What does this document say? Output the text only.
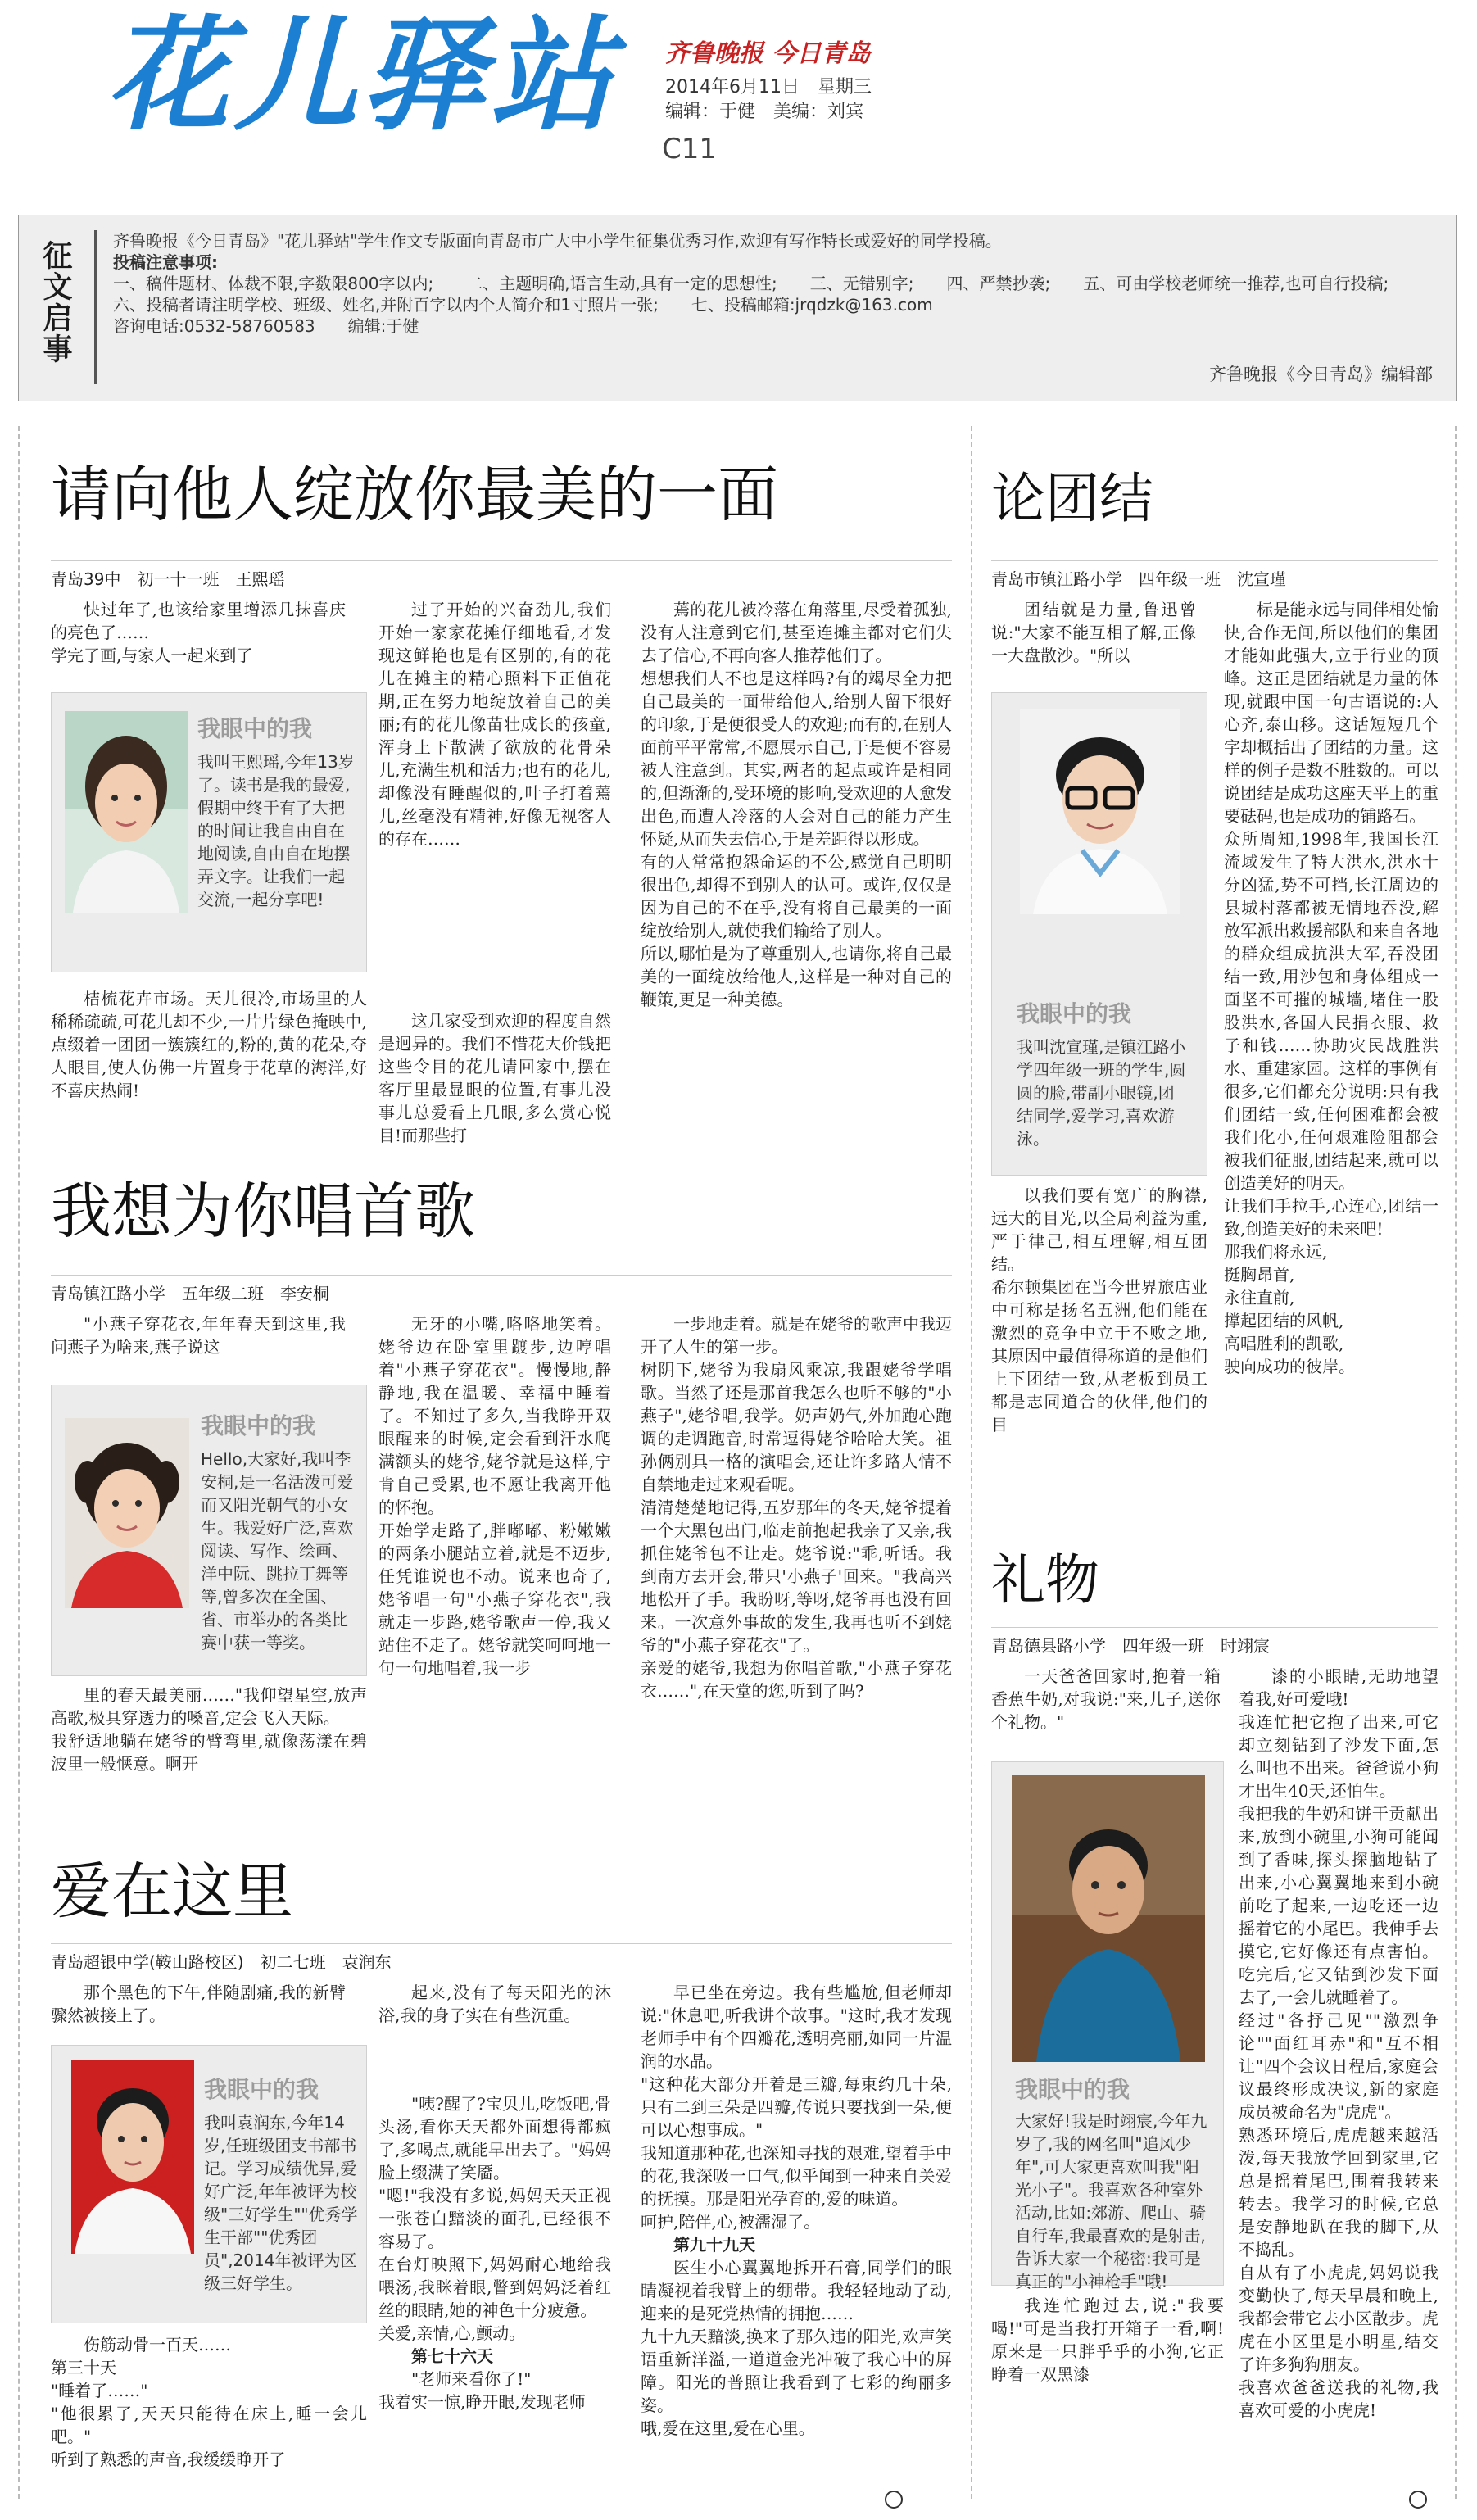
花儿驿站 齐鲁晚报 今日青岛
2014年6月11日　星期三
编辑：于健　美编：刘宾
C11
征文启事	齐鲁晚报《今日青岛》"花儿驿站"学生作文专版面向青岛市广大中小学生征集优秀习作,欢迎有写作特长或爱好的同学投稿。

投稿注意事项:

一、稿件题材、体裁不限,字数限800字以内;　　二、主题明确,语言生动,具有一定的思想性;　　三、无错别字;　　四、严禁抄袭;　　五、可由学校老师统一推荐,也可自行投稿;

六、投稿者请注明学校、班级、姓名,并附百字以内个人简介和1寸照片一张;　　七、投稿邮箱:jrqdzk@163.com

咨询电话:0532-58760583　　编辑:于健

齐鲁晚报《今日青岛》编辑部
请向他人绽放你最美的一面
青岛39中　初一十一班　王熙瑶

快过年了,也该给家里增添几抹喜庆的亮色了……
学完了画,与家人一起来到了

我眼中的我
我叫王熙瑶,今年13岁了。读书是我的最爱,假期中终于有了大把的时间让我自由自在地阅读,自由自在地摆弄文字。让我们一起交流,一起分享吧!

桔梳花卉市场。天儿很冷,市场里的人稀稀疏疏,可花儿却不少,一片片绿色掩映中,点缀着一团团一簇簇红的,粉的,黄的花朵,夺人眼目,使人仿佛一片置身于花草的海洋,好不喜庆热闹!

过了开始的兴奋劲儿,我们开始一家家花摊仔细地看,才发现这鲜艳也是有区别的,有的花儿在摊主的精心照料下正值花期,正在努力地绽放着自己的美丽;有的花儿像苗壮成长的孩童,浑身上下散满了欲放的花骨朵儿,充满生机和活力;也有的花儿,却像没有睡醒似的,叶子打着蔫儿,丝毫没有精神,好像无视客人的存在……

这几家受到欢迎的程度自然是迥异的。我们不惜花大价钱把这些令目的花儿请回家中,摆在客厅里最显眼的位置,有事儿没事儿总爱看上几眼,多么赏心悦目!而那些打

蔫的花儿被冷落在角落里,尽受着孤独,没有人注意到它们,甚至连摊主都对它们失去了信心,不再向客人推荐他们了。
想想我们人不也是这样吗?有的竭尽全力把自己最美的一面带给他人,给别人留下很好的印象,于是便很受人的欢迎;而有的,在别人面前平平常常,不愿展示自己,于是便不容易被人注意到。其实,两者的起点或许是相同的,但渐渐的,受环境的影响,受欢迎的人愈发出色,而遭人冷落的人会对自己的能力产生怀疑,从而失去信心,于是差距得以形成。
有的人常常抱怨命运的不公,感觉自己明明很出色,却得不到别人的认可。或许,仅仅是因为自己的不在乎,没有将自己最美的一面绽放给别人,就使我们输给了别人。
所以,哪怕是为了尊重别人,也请你,将自己最美的一面绽放给他人,这样是一种对自己的鞭策,更是一种美德。

我想为你唱首歌
青岛镇江路小学　五年级二班　李安桐

"小燕子穿花衣,年年春天到这里,我问燕子为啥来,燕子说这

我眼中的我
Hello,大家好,我叫李安桐,是一名活泼可爱而又阳光朝气的小女生。我爱好广泛,喜欢阅读、写作、绘画、洋中阮、跳拉丁舞等等,曾多次在全国、省、市举办的各类比赛中获一等奖。

里的春天最美丽……"我仰望星空,放声高歌,极具穿透力的嗓音,定会飞入天际。
我舒适地躺在姥爷的臂弯里,就像荡漾在碧波里一般惬意。啊开

无牙的小嘴,咯咯地笑着。姥爷边在卧室里踱步,边哼唱着"小燕子穿花衣"。慢慢地,静静地,我在温暖、幸福中睡着了。不知过了多久,当我睁开双眼醒来的时候,定会看到汗水爬满额头的姥爷,姥爷就是这样,宁肯自己受累,也不愿让我离开他的怀抱。
开始学走路了,胖嘟嘟、粉嫩嫩的两条小腿站立着,就是不迈步,任凭谁说也不动。说来也奇了,姥爷唱一句"小燕子穿花衣",我就走一步路,姥爷歌声一停,我又站住不走了。姥爷就笑呵呵地一句一句地唱着,我一步

一步地走着。就是在姥爷的歌声中我迈开了人生的第一步。
树阴下,姥爷为我扇风乘凉,我跟姥爷学唱歌。当然了还是那首我怎么也听不够的"小燕子",姥爷唱,我学。奶声奶气,外加跑心跑调的走调跑音,时常逗得姥爷哈哈大笑。祖孙俩别具一格的演唱会,还让许多路人情不自禁地走过来观看呢。
清清楚楚地记得,五岁那年的冬天,姥爷提着一个大黑包出门,临走前抱起我亲了又亲,我抓住姥爷包不让走。姥爷说:"乖,听话。我到南方去开会,带只'小燕子'回来。"我高兴地松开了手。我盼呀,等呀,姥爷再也没有回来。一次意外事故的发生,我再也听不到姥爷的"小燕子穿花衣"了。
亲爱的姥爷,我想为你唱首歌,"小燕子穿花衣……",在天堂的您,听到了吗?

爱在这里
青岛超银中学(鞍山路校区)　初二七班　袁润东

那个黑色的下午,伴随剧痛,我的新臂骤然被接上了。

我眼中的我
我叫袁润东,今年14岁,任班级团支书部书记。学习成绩优异,爱好广泛,年年被评为校级"三好学生""优秀学生干部""优秀团员",2014年被评为区级三好学生。

伤筋动骨一百天……
第三十天
"睡着了……"
"他很累了,天天只能待在床上,睡一会儿吧。"
听到了熟悉的声音,我缓缓睁开了

起来,没有了每天阳光的沐浴,我的身子实在有些沉重。

"咦?醒了?宝贝儿,吃饭吧,骨头汤,看你天天都外面想得都疯了,多喝点,就能早出去了。"妈妈脸上缀满了笑靥。
"嗯!"我没有多说,妈妈天天正视一张苍白黯淡的面孔,已经很不容易了。
在台灯映照下,妈妈耐心地给我喂汤,我眯着眼,瞥到妈妈泛着红丝的眼睛,她的神色十分疲惫。
关爱,亲情,心,颤动。

第七十六天

"老师来看你了!"
我着实一惊,睁开眼,发现老师

早已坐在旁边。我有些尴尬,但老师却说:"休息吧,听我讲个故事。"这时,我才发现老师手中有个四瓣花,透明亮丽,如同一片温润的水晶。
"这种花大部分开着是三瓣,每束约几十朵,只有二到三朵是四瓣,传说只要找到一朵,便可以心想事成。"
我知道那种花,也深知寻找的艰难,望着手中的花,我深吸一口气,似乎闻到一种来自关爱的抚摸。那是阳光孕育的,爱的味道。
呵护,陪伴,心,被濡湿了。

第九十九天

医生小心翼翼地拆开石膏,同学们的眼睛凝视着我臂上的绷带。我轻轻地动了动,迎来的是死党热情的拥抱……
九十九天黯淡,换来了那久违的阳光,欢声笑语重新洋溢,一道道金光冲破了我心中的屏障。阳光的普照让我看到了七彩的绚丽多姿。
哦,爱在这里,爱在心里。

论团结
青岛市镇江路小学　四年级一班　沈宣瑾

团结就是力量,鲁迅曾说:"大家不能互相了解,正像一大盘散沙。"所以

我眼中的我
我叫沈宣瑾,是镇江路小学四年级一班的学生,圆圆的脸,带副小眼镜,团结同学,爱学习,喜欢游泳。

以我们要有宽广的胸襟,远大的目光,以全局利益为重,严于律己,相互理解,相互团结。
希尔顿集团在当今世界旅店业中可称是扬名五洲,他们能在激烈的竞争中立于不败之地,其原因中最值得称道的是他们上下团结一致,从老板到员工都是志同道合的伙伴,他们的目

标是能永远与同伴相处愉快,合作无间,所以他们的集团才能如此强大,立于行业的顶峰。这正是团结就是力量的体现,就跟中国一句古语说的:人心齐,泰山移。这话短短几个字却概括出了团结的力量。这样的例子是数不胜数的。可以说团结是成功这座天平上的重要砝码,也是成功的铺路石。
众所周知,1998年,我国长江流域发生了特大洪水,洪水十分凶猛,势不可挡,长江周边的县城村落都被无情地吞没,解放军派出救援部队和来自各地的群众组成抗洪大军,吞没团结一致,用沙包和身体组成一面坚不可摧的城墙,堵住一股股洪水,各国人民捐衣服、救子和钱……协助灾民战胜洪水、重建家园。这样的事例有很多,它们都充分说明:只有我们团结一致,任何困难都会被我们化小,任何艰难险阻都会被我们征服,团结起来,就可以创造美好的明天。
让我们手拉手,心连心,团结一致,创造美好的未来吧!
那我们将永远,
挺胸昂首,
永往直前,
撑起团结的风帆,
高唱胜利的凯歌,
驶向成功的彼岸。

礼物
青岛德县路小学　四年级一班　时翊宸

一天爸爸回家时,抱着一箱香蕉牛奶,对我说:"来,儿子,送你个礼物。"

我眼中的我
大家好!我是时翊宸,今年九岁了,我的网名叫"追风少年",可大家更喜欢叫我"阳光小子"。我喜欢各种室外活动,比如:郊游、爬山、骑自行车,我最喜欢的是射击,告诉大家一个秘密:我可是真正的"小神枪手"哦!

我连忙跑过去,说:"我要喝!"可是当我打开箱子一看,啊!原来是一只胖乎乎的小狗,它正睁着一双黑漆

漆的小眼睛,无助地望着我,好可爱哦!
我连忙把它抱了出来,可它却立刻钻到了沙发下面,怎么叫也不出来。爸爸说小狗才出生40天,还怕生。
我把我的牛奶和饼干贡献出来,放到小碗里,小狗可能闻到了香味,探头探脑地钻了出来,小心翼翼地来到小碗前吃了起来,一边吃还一边摇着它的小尾巴。我伸手去摸它,它好像还有点害怕。吃完后,它又钻到沙发下面去了,一会儿就睡着了。
经过"各抒己见""激烈争论""面红耳赤"和"互不相让"四个会议日程后,家庭会议最终形成决议,新的家庭成员被命名为"虎虎"。
熟悉环境后,虎虎越来越活泼,每天我放学回到家里,它总是摇着尾巴,围着我转来转去。我学习的时候,它总是安静地趴在我的脚下,从不捣乱。
自从有了小虎虎,妈妈说我变勤快了,每天早晨和晚上,我都会带它去小区散步。虎虎在小区里是小明星,结交了许多狗狗朋友。
我喜欢爸爸送我的礼物,我喜欢可爱的小虎虎!
